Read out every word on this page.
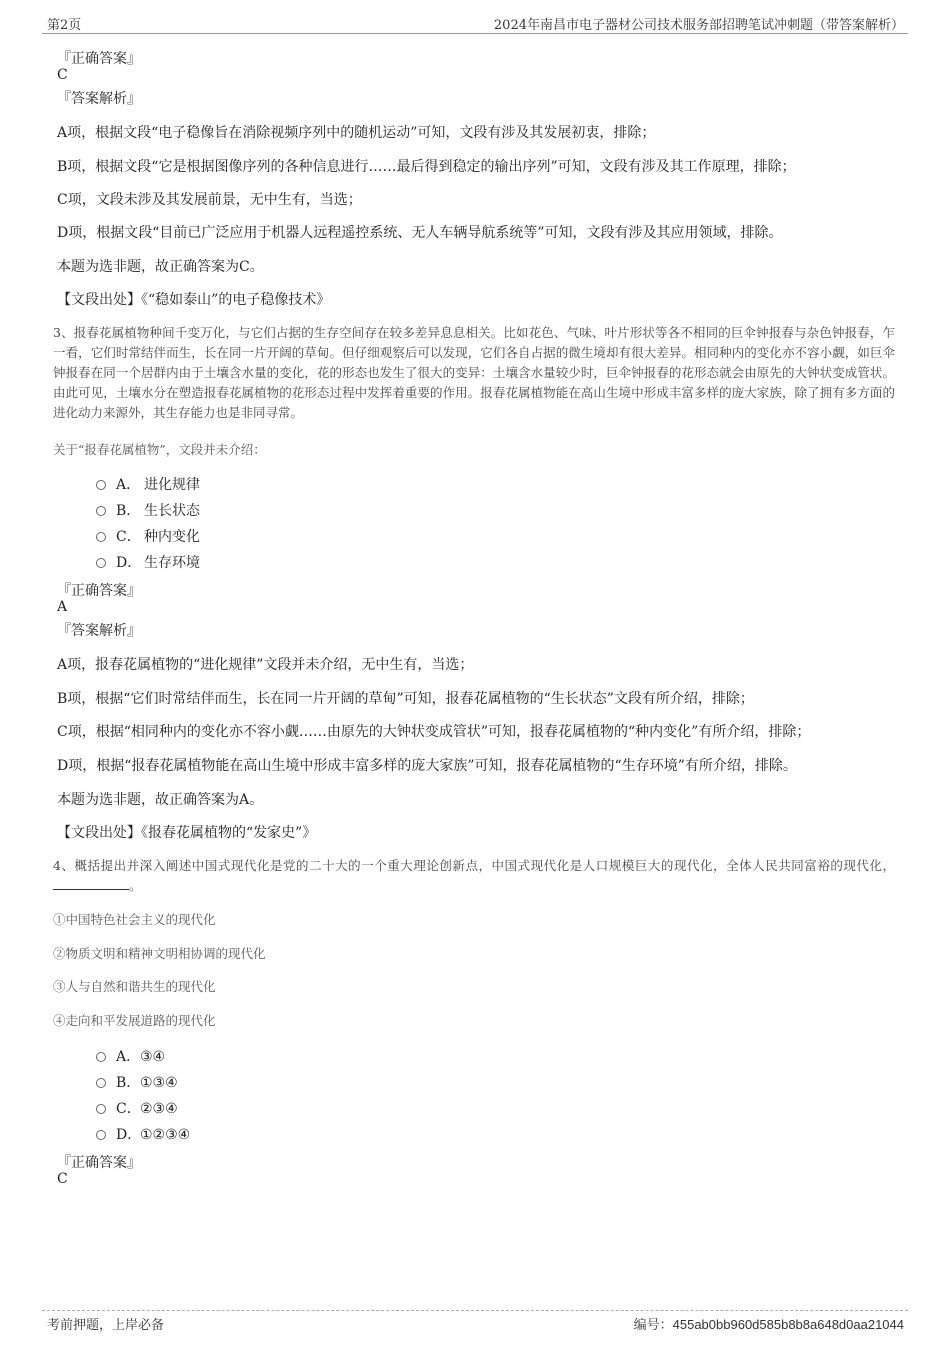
第2页	2024年南昌市电子器材公司技术服务部招聘笔试冲刺题（带答案解析）
『正确答案』
C
『答案解析』
A项，根据文段“电子稳像旨在消除视频序列中的随机运动”可知，文段有涉及其发展初衷，排除；
B项，根据文段“它是根据图像序列的各种信息进行……最后得到稳定的输出序列”可知，文段有涉及其工作原理，排除；
C项，文段未涉及其发展前景，无中生有，当选；
D项，根据文段“目前已广泛应用于机器人远程遥控系统、无人车辆导航系统等”可知，文段有涉及其应用领域，排除。
本题为选非题，故正确答案为C。
【文段出处】《“稳如泰山”的电子稳像技术》
3、报春花属植物种间千变万化，与它们占据的生存空间存在较多差异息息相关。比如花色、气味、叶片形状等各不相同的巨伞钟报春与杂色钟报春，乍一看，它们时常结伴而生，长在同一片开阔的草甸。但仔细观察后可以发现，它们各自占据的微生境却有很大差异。相同种内的变化亦不容小觑，如巨伞钟报春在同一个居群内由于土壤含水量的变化，花的形态也发生了很大的变异：土壤含水量较少时，巨伞钟报春的花形态就会由原先的大钟状变成管状。由此可见，土壤水分在塑造报春花属植物的花形态过程中发挥着重要的作用。报春花属植物能在高山生境中形成丰富多样的庞大家族，除了拥有多方面的进化动力来源外，其生存能力也是非同寻常。
关于“报春花属植物”，文段并未介绍：
A． 进化规律
B． 生长状态
C． 种内变化
D． 生存环境
『正确答案』
A
『答案解析』
A项，报春花属植物的“进化规律”文段并未介绍，无中生有，当选；
B项，根据“它们时常结伴而生，长在同一片开阔的草甸”可知，报春花属植物的“生长状态”文段有所介绍，排除；
C项，根据“相同种内的变化亦不容小觑……由原先的大钟状变成管状”可知，报春花属植物的“种内变化”有所介绍，排除；
D项，根据“报春花属植物能在高山生境中形成丰富多样的庞大家族”可知，报春花属植物的“生存环境”有所介绍，排除。
本题为选非题，故正确答案为A。
【文段出处】《报春花属植物的“发家史”》
4、概括提出并深入阐述中国式现代化是党的二十大的一个重大理论创新点，中国式现代化是人口规模巨大的现代化，全体人民共同富裕的现代化，。
①中国特色社会主义的现代化
②物质文明和精神文明相协调的现代化
③人与自然和谐共生的现代化
④走向和平发展道路的现代化
A．③④
B．①③④
C．②③④
D．①②③④
『正确答案』
C
考前押题，上岸必备	编号：455ab0bb960d585b8b8a648d0aa21044
